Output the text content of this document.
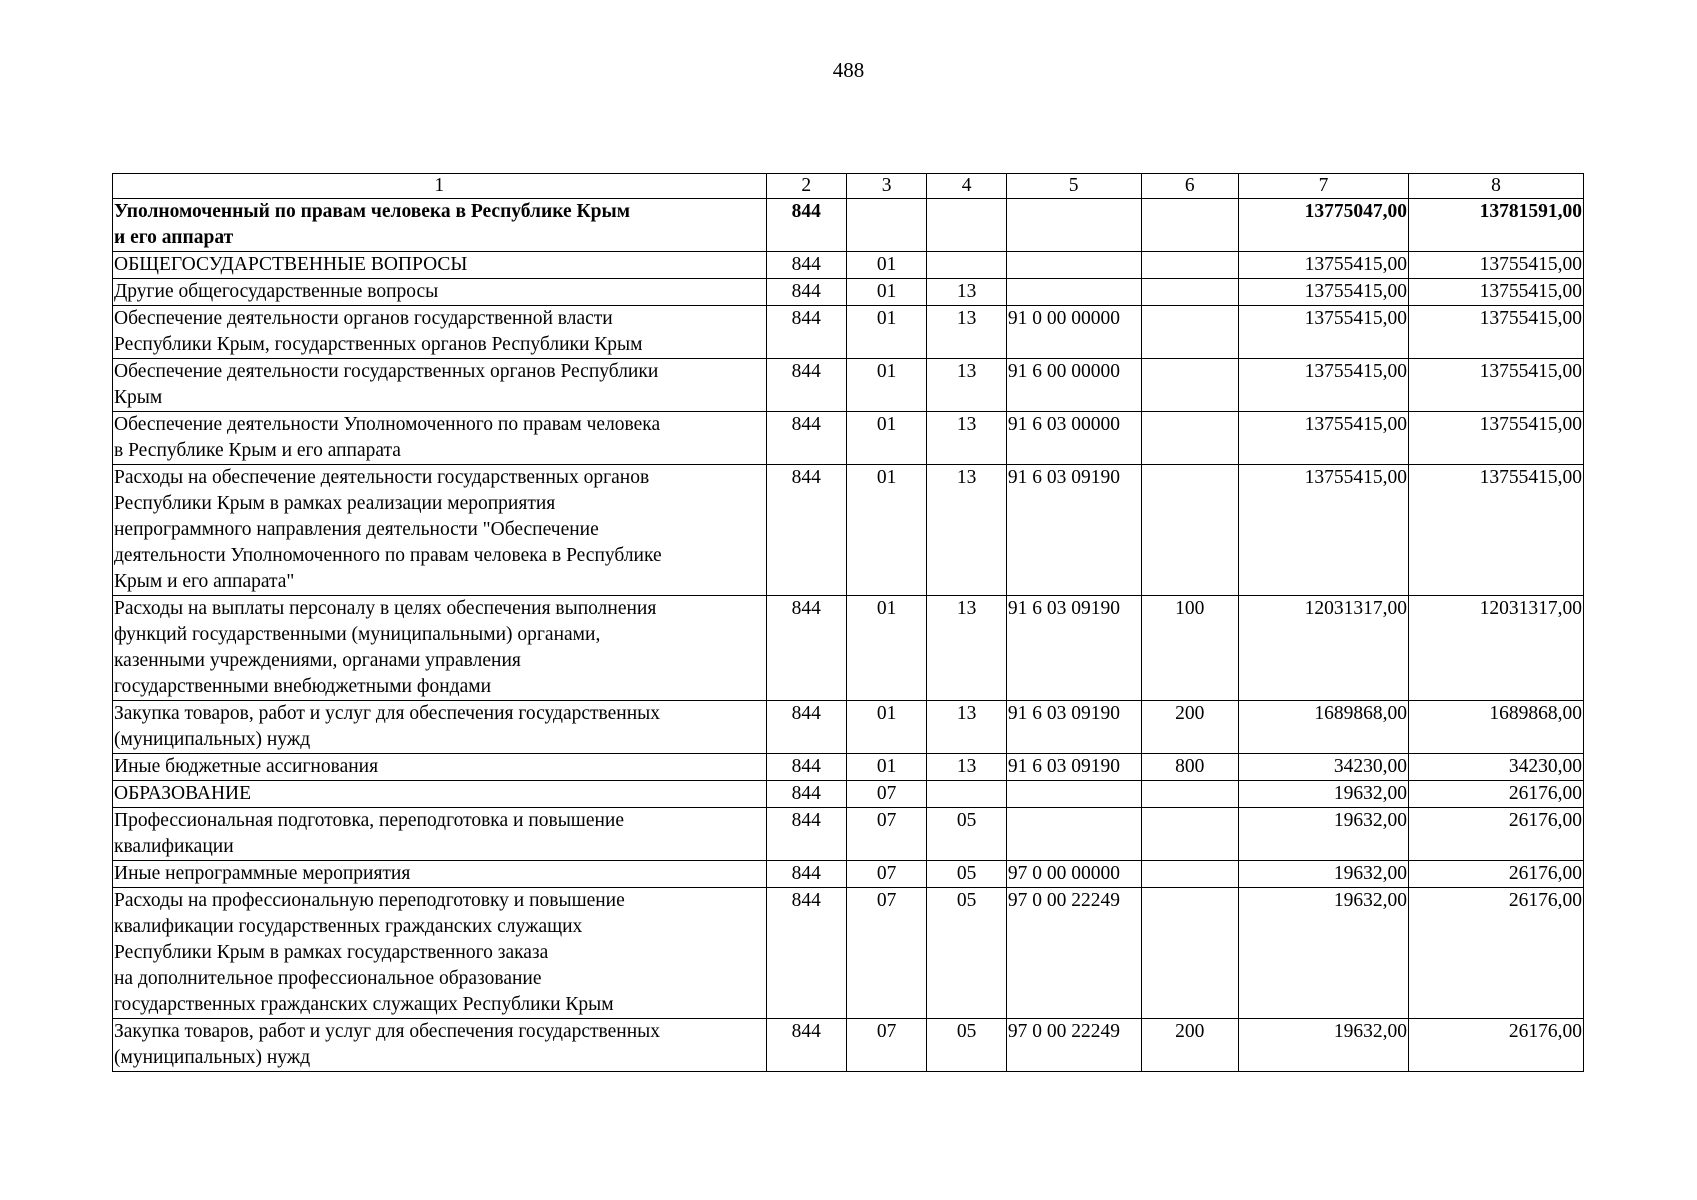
488
1	2	3	4	5	6	7	8

Уполномоченный по правам человека в Республике Крым
и его аппарат	844					13775047,00	13781591,00

ОБЩЕГОСУДАРСТВЕННЫЕ ВОПРОСЫ	844	01				13755415,00	13755415,00

Другие общегосударственные вопросы	844	01	13			13755415,00	13755415,00

Обеспечение деятельности органов государственной власти
Республики Крым, государственных органов Республики Крым	844	01	13	91 0 00 00000		13755415,00	13755415,00

Обеспечение деятельности государственных органов Республики
Крым	844	01	13	91 6 00 00000		13755415,00	13755415,00

Обеспечение деятельности Уполномоченного по правам человека
в Республике Крым и его аппарата	844	01	13	91 6 03 00000		13755415,00	13755415,00

Расходы на обеспечение деятельности государственных органов
Республики Крым в рамках реализации мероприятия
непрограммного направления деятельности "Обеспечение
деятельности Уполномоченного по правам человека в Республике
Крым и его аппарата"	844	01	13	91 6 03 09190		13755415,00	13755415,00

Расходы на выплаты персоналу в целях обеспечения выполнения
функций государственными (муниципальными) органами,
казенными учреждениями, органами управления
государственными внебюджетными фондами	844	01	13	91 6 03 09190	100	12031317,00	12031317,00

Закупка товаров, работ и услуг для обеспечения государственных
(муниципальных) нужд	844	01	13	91 6 03 09190	200	1689868,00	1689868,00

Иные бюджетные ассигнования	844	01	13	91 6 03 09190	800	34230,00	34230,00

ОБРАЗОВАНИЕ	844	07				19632,00	26176,00

Профессиональная подготовка, переподготовка и повышение
квалификации	844	07	05			19632,00	26176,00

Иные непрограммные мероприятия	844	07	05	97 0 00 00000		19632,00	26176,00

Расходы на профессиональную переподготовку и повышение
квалификации государственных гражданских служащих
Республики Крым в рамках государственного заказа
на дополнительное профессиональное образование
государственных гражданских служащих Республики Крым	844	07	05	97 0 00 22249		19632,00	26176,00

Закупка товаров, работ и услуг для обеспечения государственных
(муниципальных) нужд	844	07	05	97 0 00 22249	200	19632,00	26176,00
